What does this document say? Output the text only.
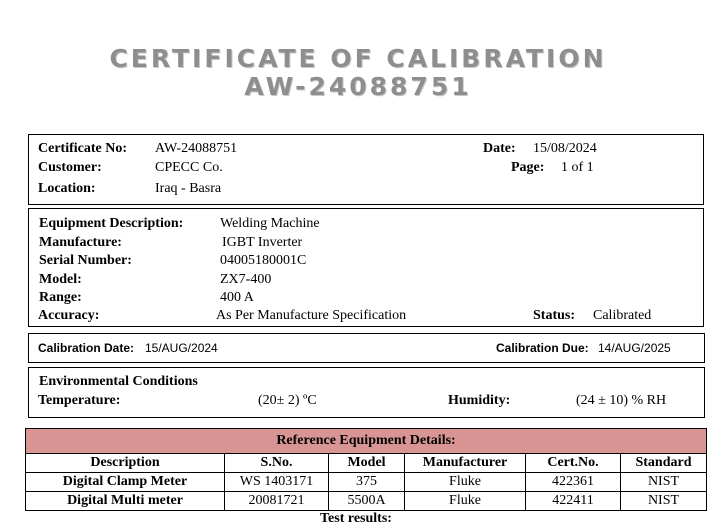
CERTIFICATE OF CALIBRATION
AW-24088751
Certificate No: AW-24088751	Date: 15/08/2024
Customer:	CPECC Co.	Page: 1 of 1
Location:	Iraq - Basra
Equipment Description:	Welding Machine
Manufacture:	IGBT Inverter
Serial Number:	04005180001C
Model:	ZX7-400
Range:	400 A
Accuracy:	As Per Manufacture Specification	Status: Calibrated
Calibration Date: 15/AUG/2024	Calibration Due: 14/AUG/2025
Environmental Conditions
Temperature:	(20± 2) ºC	Humidity:	(24 ± 10) % RH
Reference Equipment Details:					
Description	S.No.	Model	Manufacturer	Cert.No.	Standard
Digital Clamp Meter	WS 1403171	375	Fluke	422361	NIST
Digital Multi meter	20081721	5500A	Fluke	422411	NIST
Test results:
